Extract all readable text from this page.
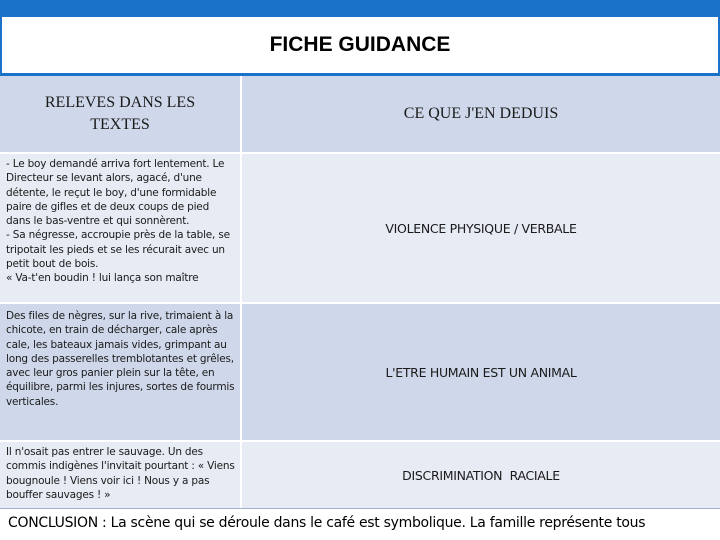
FICHE GUIDANCE
RELEVES DANS LES TEXTES
CE QUE J'EN DEDUIS
- Le boy demandé arriva fort lentement. Le Directeur se levant alors, agacé, d'une détente, le reçut le boy, d'une formidable paire de gifles et de deux coups de pied dans le bas-ventre et qui sonnèrent.
- Sa négresse, accroupie près de la table, se tripotait les pieds et se les récurait avec un petit bout de bois.
« Va-t'en boudin ! lui lança son maître
VIOLENCE PHYSIQUE / VERBALE
Des files de nègres, sur la rive, trimaient à la chicote, en train de décharger, cale après cale, les bateaux jamais vides, grimpant au long des passerelles tremblotantes et grêles, avec leur gros panier plein sur la tête, en équilibre, parmi les injures, sortes de fourmis verticales.
L'ETRE HUMAIN EST UN ANIMAL
Il n'osait pas entrer le sauvage. Un des commis indigènes l'invitait pourtant : « Viens bougnoule ! Viens voir ici ! Nous y a pas bouffer sauvages ! »
DISCRIMINATION  RACIALE
CONCLUSION : La scène qui se déroule dans le café est symbolique. La famille représente tous
